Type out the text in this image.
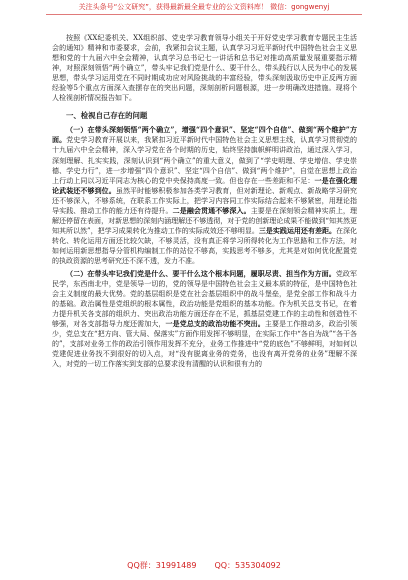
关注头条号“公文研究”，获得最新最全最专业的公文资料库！ 微信：gongwenyj

按照《XX纪委机关、XX组织部、党史学习教育领导小组关于开好党史学习教育专题民主生活会的通知》精神和市委要求，会前，我紧扣会议主题，认真学习习近平新时代中国特色社会主义思想和党的十九届六中全会精神，认真学习总书记七一讲话和总书记对推动高质量发展重要指示精神，对照深刻领悟“两个确立”，带头牢记我们党是什么、要干什么，带头践行以人民为中心的发展思想，带头学习运用党在不同时期成功应对风险挑战的丰富经验，带头深刻汲取历史中正反两方面经验等5个重点方面深入查摆存在的突出问题，深刻剖析问题根源，进一步明确改进措施。现将个人检视剖析情况报告如下。

一、检视自己存在的问题

（一）在带头深刻领悟“两个确立”，增强“四个意识”、坚定“四个自信”、做到“两个维护”方面。党史学习教育开展以来，我紧扣习近平新时代中国特色社会主义思想主线，认真学习贯彻党的十九届六中全会精神，深入学习党在各个时期的历史，始终坚持旗帜鲜明讲政治，通过深入学习，深刻理解、扎实实践，深刻认识到“两个确立”的重大意义，做到了“学史明理、学史增信、学史崇德、学史力行”，进一步增强“四个意识”、坚定“四个自信”、做到“两个维护”，自觉在思想上政治上行动上同以习近平同志为核心的党中央保持高度一致。但也存在一些差距和不足：一是在强化理论武装还不够到位。虽然平时能够积极参加各类学习教育，但对新理论、新观点、新战略学习研究还不够深入，不够系统，在联系工作实际上，把学习内容同工作实际结合起来不够紧密，用理论指导实践、推动工作的能力还有待提升。二是融会贯通不够深入。主要是在深刻领会精神实质上，理解还停留在表面，对新思想的深刻内涵理解还不够透彻，对于党的创新理论成果不能做到“知其然更知其所以然”，把学习成果转化为推动工作的实际成效还不够明显。三是实践运用还有差距。在深化转化、转化运用方面还比较欠缺，不够灵活，没有真正将学习所得转化为工作思路和工作方法，对如何运用新思想指导分管机构编制工作的站位不够高，实践思考不够多，尤其是对如何优化配置党的执政资源的思考研究还不深不透，发力不准。

（二）在带头牢记我们党是什么、要干什么这个根本问题，履职尽责、担当作为方面。党政军民学，东西南北中，党是领导一切的，党的领导是中国特色社会主义最本质的特征，是中国特色社会主义制度的最大优势。党的基层组织是党在社会基层组织中的战斗堡垒，是党全部工作和战斗力的基础。政治属性是党组织的根本属性，政治功能是党组织的基本功能。作为机关总支书记，在着力提升机关各支部的组织力、突出政治功能方面还存在不足，抓基层党建工作的主动性和创造性不够强，对各支部指导力度还需加大，一是党总支的政治功能不突出。主要是工作推动多，政治引领少，党总支在“把方向、管大局、保落实”方面作用发挥不够明显，在实际工作中“各自为战”“各干各的”，支部对业务工作的政治引领作用发挥不充分，业务工作推进中“党的底色”不够鲜明，对如何以党建促进业务找不到很好的切入点，对“没有脱离业务的党务，也没有离开党务的业务”理解不深入，对党的一切工作落实到支部的总要求没有清醒的认识和很有力的

QQ群：31991489 QQ：535304092
